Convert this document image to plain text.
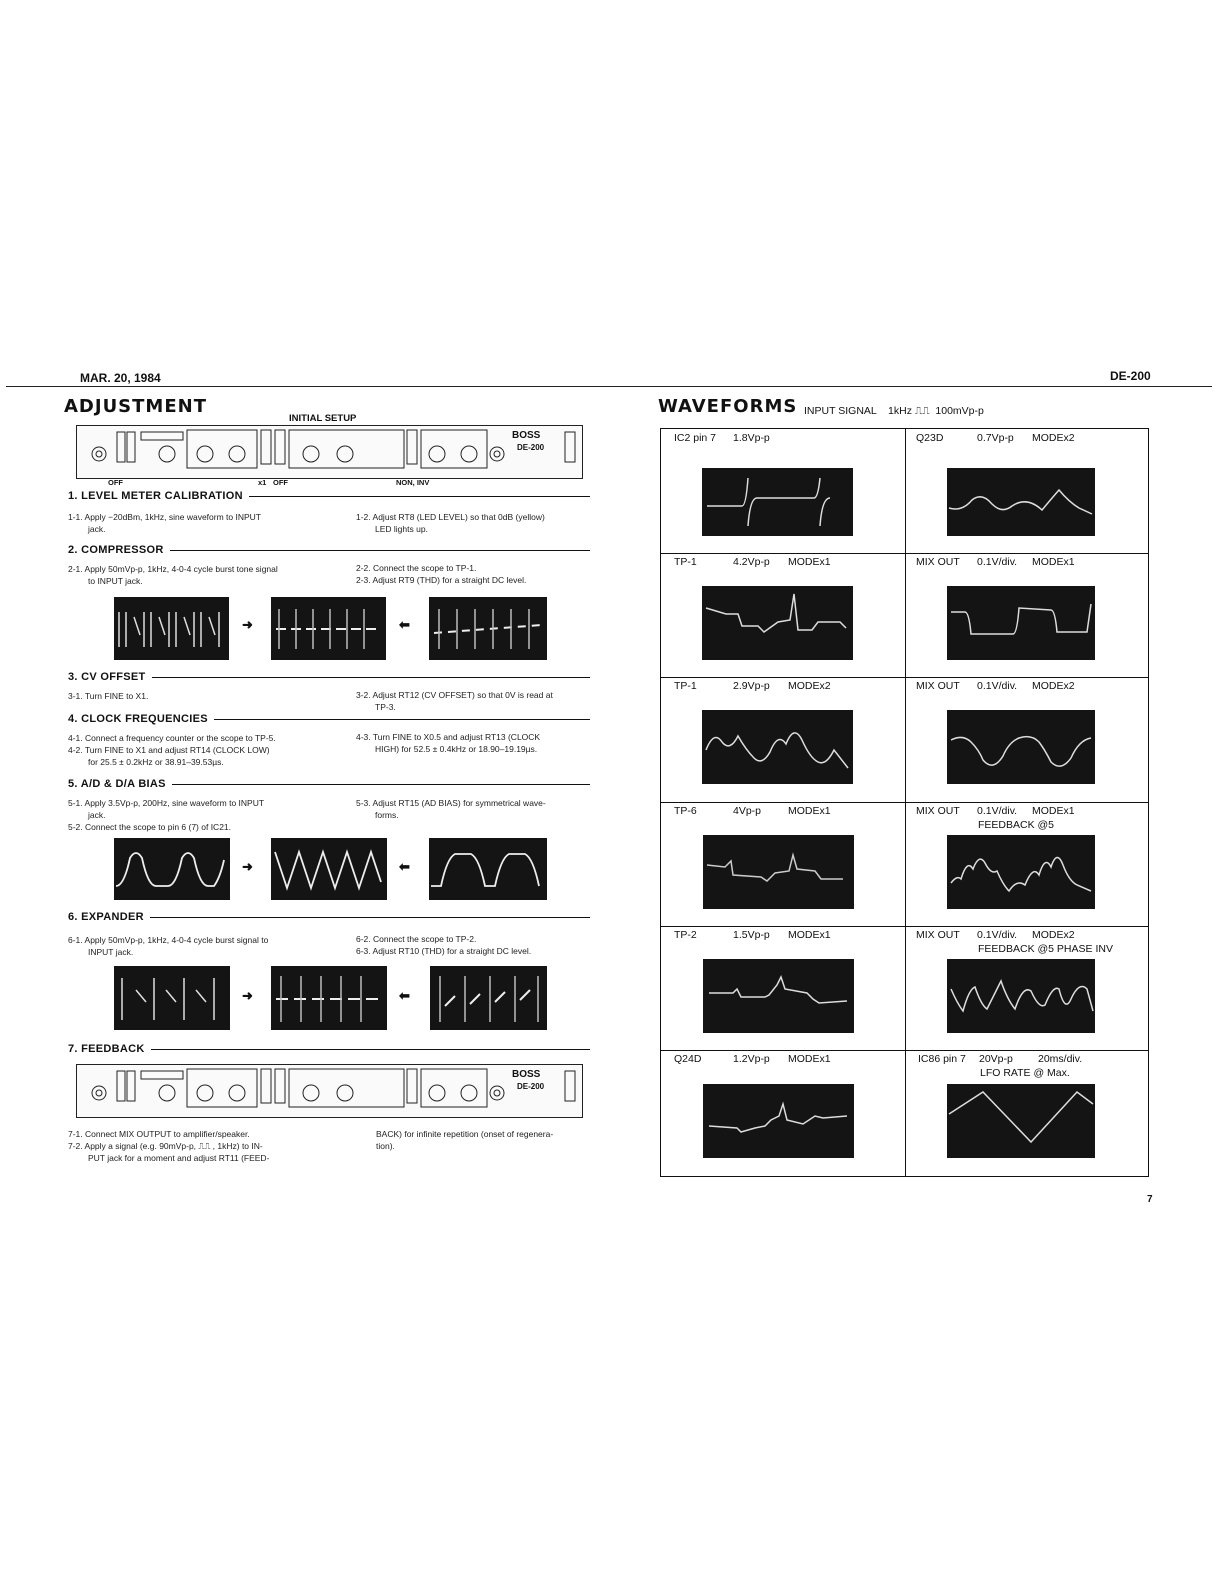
MAR. 20, 1984	DE-200
ADJUSTMENT
INITIAL SETUP
BOSS
DE-200
OFF	x1 OFF	NON, INV
1. LEVEL METER CALIBRATION
1-1. Apply −20dBm, 1kHz, sine waveform to INPUT
jack.
1-2. Adjust RT8 (LED LEVEL) so that 0dB (yellow)
LED lights up.
2. COMPRESSOR
2-1. Apply 50mVp-p, 1kHz, 4-0-4 cycle burst tone signal
to INPUT jack.
2-2. Connect the scope to TP-1.
2-3. Adjust RT9 (THD) for a straight DC level.
➜	⬅
3. CV OFFSET
3-1. Turn FINE to X1.	3-2. Adjust RT12 (CV OFFSET) so that 0V is read at
TP-3.
4. CLOCK FREQUENCIES
4-1. Connect a frequency counter or the scope to TP-5.
4-2. Turn FINE to X1 and adjust RT14 (CLOCK LOW)
for 25.5 ± 0.2kHz or 38.91–39.53µs.
4-3. Turn FINE to X0.5 and adjust RT13 (CLOCK
HIGH) for 52.5 ± 0.4kHz or 18.90–19.19µs.
5. A/D & D/A BIAS
5-1. Apply 3.5Vp-p, 200Hz, sine waveform to INPUT
jack.
5-2. Connect the scope to pin 6 (7) of IC21.
5-3. Adjust RT15 (AD BIAS) for symmetrical wave-
forms.
➜	⬅
6. EXPANDER
6-1. Apply 50mVp-p, 1kHz, 4-0-4 cycle burst signal to
INPUT jack.
6-2. Connect the scope to TP-2.
6-3. Adjust RT10 (THD) for a straight DC level.
➜	⬅
7. FEEDBACK
BOSS
DE-200
7-1. Connect MIX OUTPUT to amplifier/speaker.
7-2. Apply a signal (e.g. 90mVp-p, ⎍⎍ , 1kHz) to IN-
PUT jack for a moment and adjust RT11 (FEED-
BACK) for infinite repetition (onset of regenera-
tion).
WAVEFORMS INPUT SIGNAL    1kHz ⎍⎍  100mVp-p
IC2 pin 7 1.8Vp-p	Q23D	0.7Vp-p MODEx2
TP-1	4.2Vp-p MODEx1	MIX OUT 0.1V/div. MODEx1
TP-1	2.9Vp-p MODEx2	MIX OUT 0.1V/div. MODEx2
TP-6	4Vp-p	MODEx1	MIX OUT 0.1V/div. MODEx1
FEEDBACK @5
TP-2	1.5Vp-p MODEx1	MIX OUT 0.1V/div. MODEx2
FEEDBACK @5 PHASE INV
Q24D	1.2Vp-p MODEx1	IC86 pin 7 20Vp-p 20ms/div.
LFO RATE @ Max.
7
